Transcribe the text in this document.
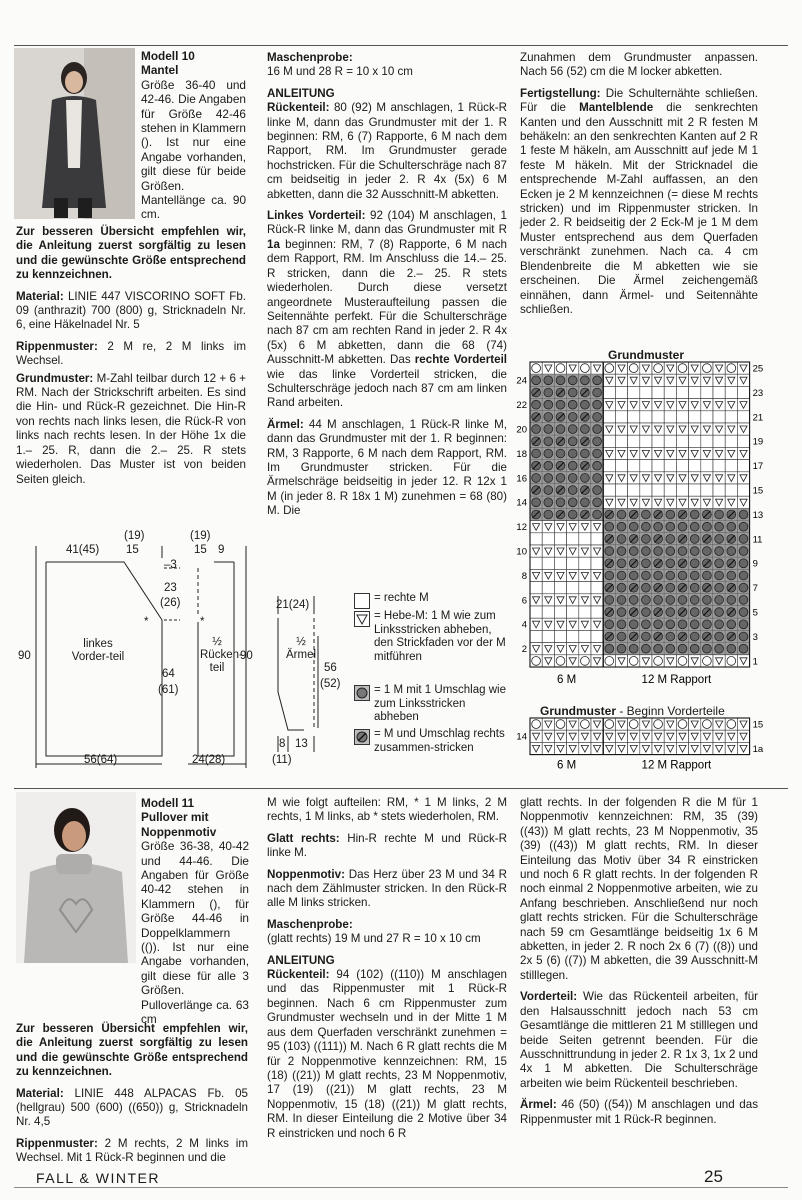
Modell 10
Mantel

Größe 36-40 und 42-46. Die Angaben für Größe 42-46 stehen in Klammern (). Ist nur eine Angabe vorhanden, gilt diese für beide Größen. Mantellänge ca. 90 cm.

Zur besseren Übersicht empfehlen wir, die Anleitung zuerst sorgfältig zu lesen und die gewünschte Größe entsprechend zu kennzeichnen.

Material: LINIE 447 VISCORINO SOFT Fb. 09 (anthrazit) 700 (800) g, Stricknadeln Nr. 6, eine Häkelnadel Nr. 5

Rippenmuster: 2 M re, 2 M links im Wechsel.

Grundmuster: M-Zahl teilbar durch 12 + 6 + RM. Nach der Strickschrift arbeiten. Es sind die Hin- und Rück-R gezeichnet. Die Hin-R von rechts nach links lesen, die Rück-R von links nach rechts lesen. In der Höhe 1x die 1.– 25. R, dann die 2.– 25. R stets wiederholen. Das Muster ist von beiden Seiten gleich.

Maschenprobe:

16 M und 28 R = 10 x 10 cm

ANLEITUNG

Rückenteil: 80 (92) M anschlagen, 1 Rück-R linke M, dann das Grundmuster mit der 1. R beginnen: RM, 6 (7) Rapporte, 6 M nach dem Rapport, RM. Im Grundmuster gerade hochstricken. Für die Schulterschräge nach 87 cm beidseitig in jeder 2. R 4x (5x) 6 M abketten, dann die 32 Ausschnitt-M abketten.

Linkes Vorderteil: 92 (104) M anschlagen, 1 Rück-R linke M, dann das Grundmuster mit R 1a beginnen: RM, 7 (8) Rapporte, 6 M nach dem Rapport, RM. Im Anschluss die 14.– 25. R stricken, dann die 2.– 25. R stets wiederholen. Durch diese versetzt angeordnete Musteraufteilung passen die Seitennähte perfekt. Für die Schulterschräge nach 87 cm am rechten Rand in jeder 2. R 4x (5x) 6 M abketten, dann die 68 (74) Ausschnitt-M abketten. Das rechte Vorderteil wie das linke Vorderteil stricken, die Schulterschräge jedoch nach 87 cm am linken Rand arbeiten.

Ärmel: 44 M anschlagen, 1 Rück-R linke M, dann das Grundmuster mit der 1. R beginnen: RM, 3 Rapporte, 6 M nach dem Rapport, RM. Im Grundmuster stricken. Für die Ärmelschräge beidseitig in jeder 12. R 12x 1 M (in jeder 8. R 18x 1 M) zunehmen = 68 (80) M. Die

Zunahmen dem Grundmuster anpassen. Nach 56 (52) cm die M locker abketten.

Fertigstellung: Die Schulternähte schließen. Für die Mantelblende die senkrechten Kanten und den Ausschnitt mit 2 R festen M behäkeln: an den senkrechten Kanten auf 2 R 1 feste M häkeln, am Ausschnitt auf jede M 1 feste M häkeln. Mit der Stricknadel die entsprechende M-Zahl auffassen, an den Ecken je 2 M kennzeichnen (= diese M rechts stricken) und im Rippenmuster stricken. In jeder 2. R beidseitig der 2 Eck-M je 1 M dem Muster entsprechend aus dem Querfaden verschränkt zunehmen. Nach ca. 4 cm Blendenbreite die M abketten wie sie erscheinen. Die Ärmel zeichengemäß einnähen, dann Ärmel- und Seitennähte schließen.

41(45)
(19)
15
(19)
15 9
–3
23
(26)
*	*
linkes Vorder-teil
½ Rücken-teil
90	90
64
(61)
56(64)	24(28)
21(24)
½ Ärmel
56
(52)
8 13
(11)
= rechte M
= Hebe-M: 1 M wie zum Linksstricken abheben, den Strickfaden vor der M mitführen
= 1 M mit 1 Umschlag wie zum Linksstricken abheben
= M und Umschlag rechts zusammen-stricken
Grundmuster
25
24
23
22
21
20
19
18
17
16
15
14
13
12
11
10
9
8
7
6
5
4
3
2
1
6 M	12 M Rapport
Grundmuster - Beginn Vorderteile
15
14
1a
6 M	12 M Rapport
Modell 11
Pullover mit Noppenmotiv

Größe 36-38, 40-42 und 44-46. Die Angaben für Größe 40-42 stehen in Klammern (), für Größe 44-46 in Doppelklammern (()). Ist nur eine Angabe vorhanden, gilt diese für alle 3 Größen. Pulloverlänge ca. 63 cm

Zur besseren Übersicht empfehlen wir, die Anleitung zuerst sorgfältig zu lesen und die gewünschte Größe entsprechend zu kennzeichnen.

Material: LINIE 448 ALPACAS Fb. 05 (hellgrau) 500 (600) ((650)) g, Stricknadeln Nr. 4,5

Rippenmuster: 2 M rechts, 2 M links im Wechsel. Mit 1 Rück-R beginnen und die

M wie folgt aufteilen: RM, * 1 M links, 2 M rechts, 1 M links, ab * stets wiederholen, RM.

Glatt rechts: Hin-R rechte M und Rück-R linke M.

Noppenmotiv: Das Herz über 23 M und 34 R nach dem Zählmuster stricken. In den Rück-R alle M links stricken.

Maschenprobe:

(glatt rechts) 19 M und 27 R = 10 x 10 cm

ANLEITUNG

Rückenteil: 94 (102) ((110)) M anschlagen und das Rippenmuster mit 1 Rück-R beginnen. Nach 6 cm Rippenmuster zum Grundmuster wechseln und in der Mitte 1 M aus dem Querfaden verschränkt zunehmen = 95 (103) ((111)) M. Nach 6 R glatt rechts die M für 2 Noppenmotive kennzeichnen: RM, 15 (18) ((21)) M glatt rechts, 23 M Noppenmotiv, 17 (19) ((21)) M glatt rechts, 23 M Noppenmotiv, 15 (18) ((21)) M glatt rechts, RM. In dieser Einteilung die 2 Motive über 34 R einstricken und noch 6 R

glatt rechts. In der folgenden R die M für 1 Noppenmotiv kennzeichnen: RM, 35 (39) ((43)) M glatt rechts, 23 M Noppenmotiv, 35 (39) ((43)) M glatt rechts, RM. In dieser Einteilung das Motiv über 34 R einstricken und noch 6 R glatt rechts. In der folgenden R noch einmal 2 Noppenmotive arbeiten, wie zu Anfang beschrieben. Anschließend nur noch glatt rechts stricken. Für die Schulterschräge nach 59 cm Gesamtlänge beidseitig 1x 6 M abketten, in jeder 2. R noch 2x 6 (7) ((8)) und 2x 5 (6) ((7)) M abketten, die 39 Ausschnitt-M stilllegen.

Vorderteil: Wie das Rückenteil arbeiten, für den Halsausschnitt jedoch nach 53 cm Gesamtlänge die mittleren 21 M stilllegen und beide Seiten getrennt beenden. Für die Ausschnittrundung in jeder 2. R 1x 3, 1x 2 und 4x 1 M abketten. Die Schulterschräge arbeiten wie beim Rückenteil beschrieben.

Ärmel: 46 (50) ((54)) M anschlagen und das Rippenmuster mit 1 Rück-R beginnen.

FALL & WINTER	25
